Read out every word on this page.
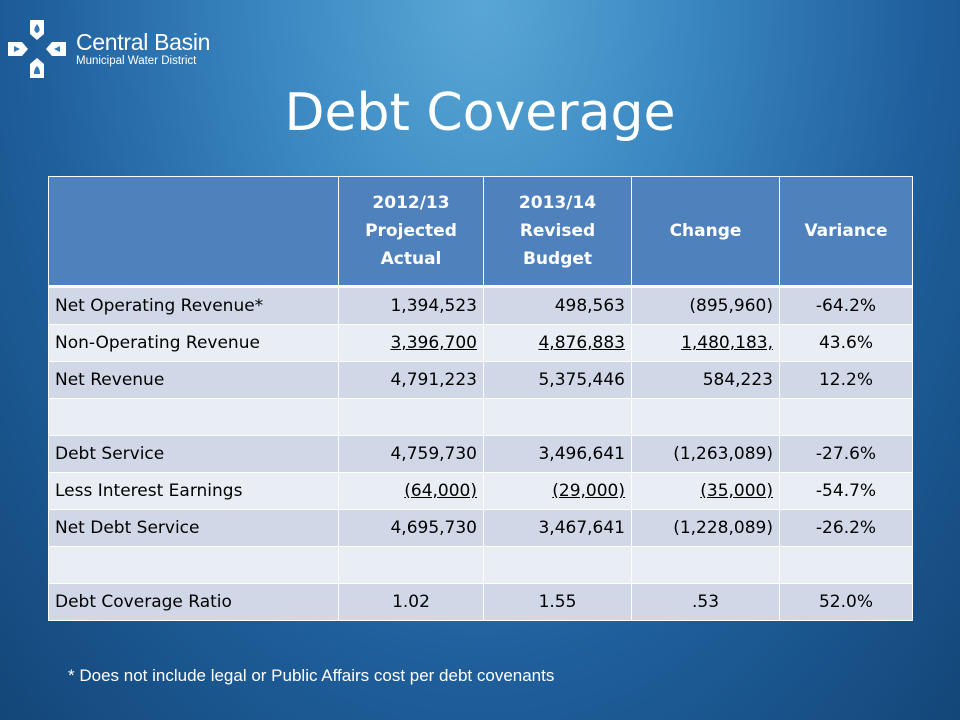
Central Basin
Municipal Water District
Debt Coverage
	2012/13 Projected Actual	2013/14 Revised Budget	Change	Variance
Net Operating Revenue*	1,394,523	498,563	(895,960)	-64.2%
Non-Operating Revenue	3,396,700	4,876,883	1,480,183,	43.6%
Net Revenue	4,791,223	5,375,446	584,223	12.2%

Debt Service	4,759,730	3,496,641	(1,263,089)	-27.6%
Less Interest Earnings	(64,000)	(29,000)	(35,000)	-54.7%
Net Debt Service	4,695,730	3,467,641	(1,228,089)	-26.2%

Debt Coverage Ratio	1.02	1.55	.53	52.0%
* Does not include legal or Public Affairs cost per debt covenants
